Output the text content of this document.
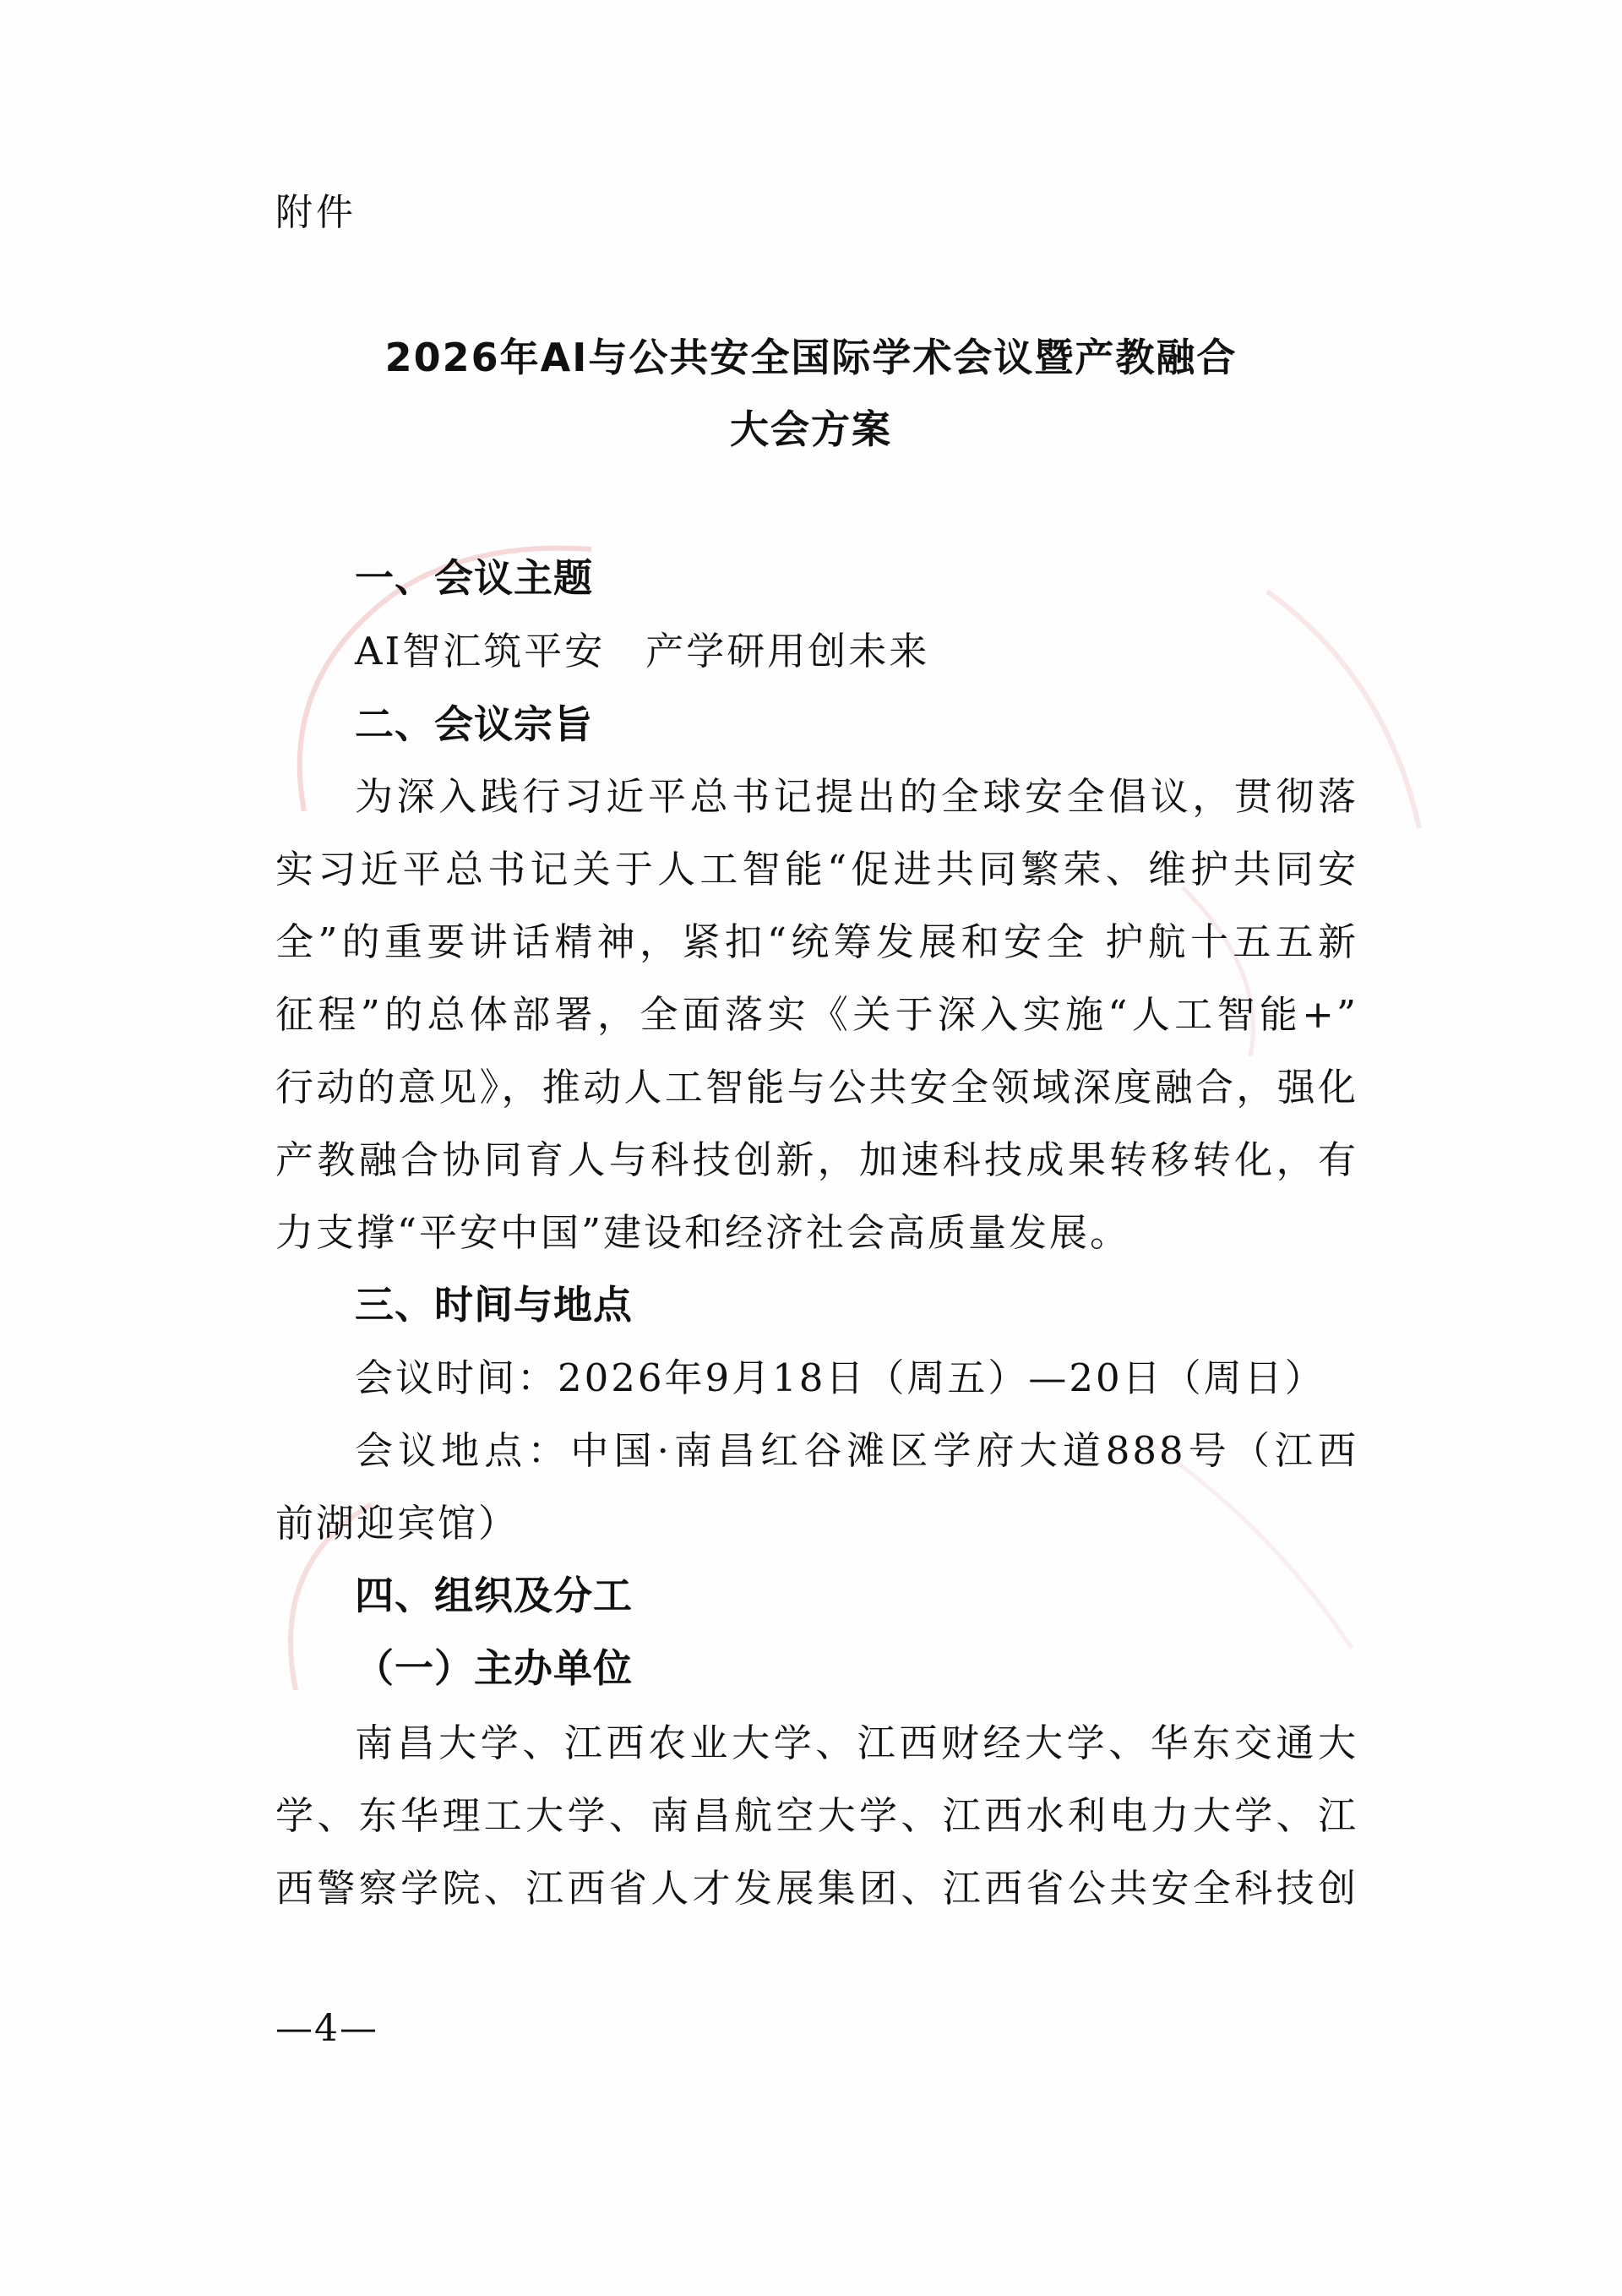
附件
2026年AI与公共安全国际学术会议暨产教融合
大会方案
一、会议主题
AI智汇筑平安　产学研用创未来
二、会议宗旨
为深入践行习近平总书记提出的全球安全倡议，贯彻落
实习近平总书记关于人工智能“促进共同繁荣、维护共同安
全”的重要讲话精神，紧扣“统筹发展和安全 护航十五五新
征程”的总体部署，全面落实《关于深入实施“人工智能+”
行动的意见》，推动人工智能与公共安全领域深度融合，强化
产教融合协同育人与科技创新，加速科技成果转移转化，有
力支撑“平安中国”建设和经济社会高质量发展。
三、时间与地点
会议时间：2026年9月18日（周五）—20日（周日）
会议地点：中国·南昌红谷滩区学府大道888号（江西
前湖迎宾馆）
四、组织及分工
（一）主办单位
南昌大学、江西农业大学、江西财经大学、华东交通大
学、东华理工大学、南昌航空大学、江西水利电力大学、江
西警察学院、江西省人才发展集团、江西省公共安全科技创
—4—
